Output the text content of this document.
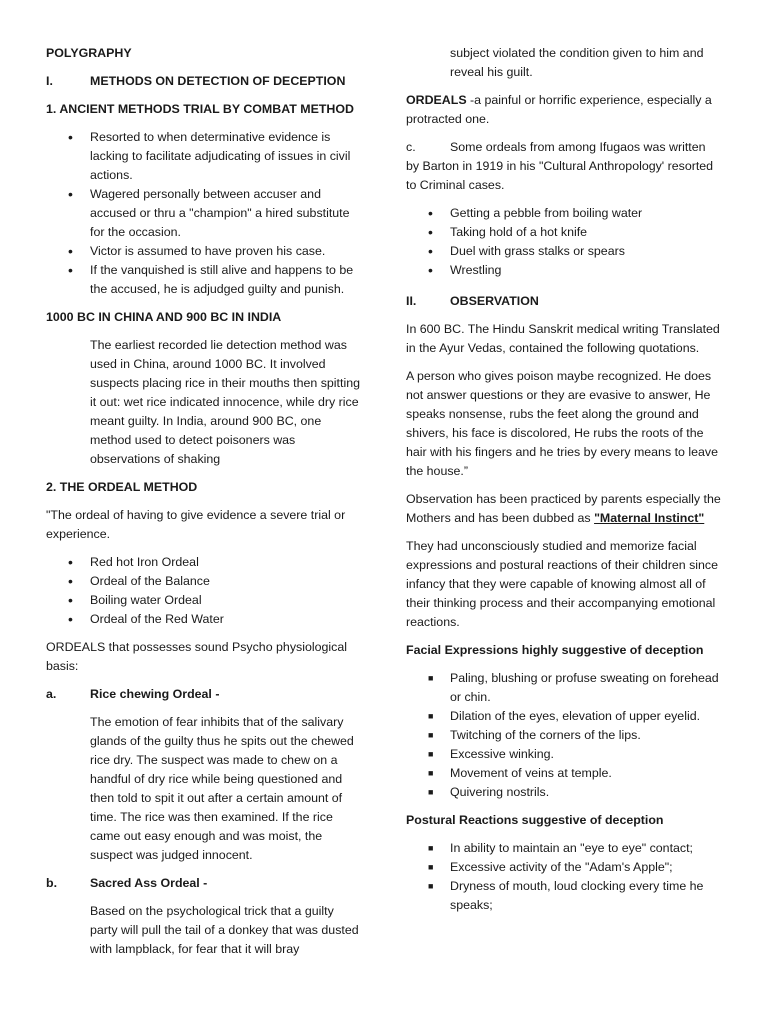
POLYGRAPHY

I.	METHODS ON DETECTION OF DECEPTION

1. ANCIENT METHODS TRIAL BY COMBAT METHOD

• Resorted to when determinative evidence is lacking to facilitate adjudicating of issues in civil actions.
• Wagered personally between accuser and accused or thru a "champion" a hired substitute for the occasion.
• Victor is assumed to have proven his case.
• If the vanquished is still alive and happens to be the accused, he is adjudged guilty and punish.

1000 BC IN CHINA AND 900 BC IN INDIA

The earliest recorded lie detection method was used in China, around 1000 BC. It involved suspects placing rice in their mouths then spitting it out: wet rice indicated innocence, while dry rice meant guilty. In India, around 900 BC, one method used to detect poisoners was observations of shaking

2. THE ORDEAL METHOD

"The ordeal of having to give evidence a severe trial or experience.

• Red hot Iron Ordeal
• Ordeal of the Balance
• Boiling water Ordeal
• Ordeal of the Red Water

ORDEALS that possesses sound Psycho physiological basis:

a.	Rice chewing Ordeal -

The emotion of fear inhibits that of the salivary glands of the guilty thus he spits out the chewed rice dry. The suspect was made to chew on a handful of dry rice while being questioned and then told to spit it out after a certain amount of time. The rice was then examined. If the rice came out easy enough and was moist, the suspect was judged innocent.

b.	Sacred Ass Ordeal -

Based on the psychological trick that a guilty party will pull the tail of a donkey that was dusted with lampblack, for fear that it will bray

subject violated the condition given to him and reveal his guilt.

ORDEALS -a painful or horrific experience, especially a protracted one.

c.	Some ordeals from among Ifugaos was written
by Barton in 1919 in his "Cultural Anthropology' resorted to Criminal cases.
• Getting a pebble from boiling water
• Taking hold of a hot knife
• Duel with grass stalks or spears
• Wrestling
II.	OBSERVATION

In 600 BC. The Hindu Sanskrit medical writing Translated in the Ayur Vedas, contained the following quotations.

A person who gives poison maybe recognized. He does not answer questions or they are evasive to answer, He speaks nonsense, rubs the feet along the ground and shivers, his face is discolored, He rubs the roots of the hair with his fingers and he tries by every means to leave the house.”

Observation has been practiced by parents especially the Mothers and has been dubbed as "Maternal Instinct"

They had unconsciously studied and memorize facial expressions and postural reactions of their children since infancy that they were capable of knowing almost all of their thinking process and their accompanying emotional reactions.

Facial Expressions highly suggestive of deception

■ Paling, blushing or profuse sweating on forehead or chin.
■ Dilation of the eyes, elevation of upper eyelid.
■ Twitching of the corners of the lips.
■ Excessive winking.
■ Movement of veins at temple.
■ Quivering nostrils.

Postural Reactions suggestive of deception

■ In ability to maintain an "eye to eye" contact;
■ Excessive activity of the "Adam's Apple";
■ Dryness of mouth, loud clocking every time he speaks;
